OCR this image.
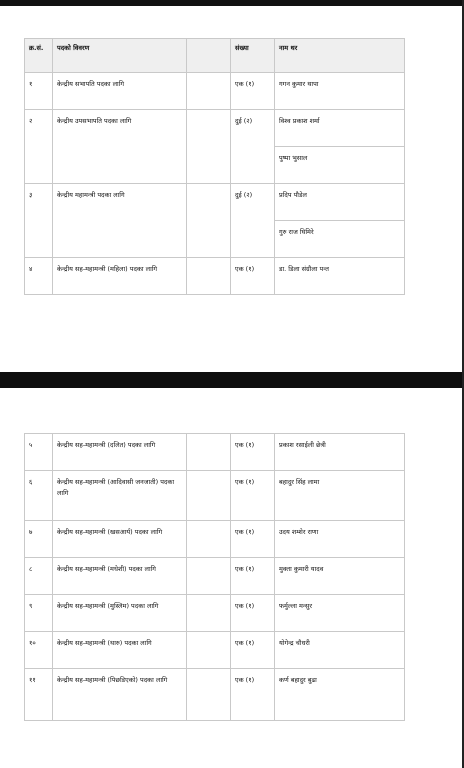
क्र.सं.	पदको विवरण		संख्या	नाम थर
१	केन्द्रीय सभापति पदका लागि		एक (१)	गगन कुमार थापा
२	केन्द्रीय उपसभापति पदका लागि		दुई (२)	विश्व प्रकाश शर्मा
				पुष्पा भुसाल
३	केन्द्रीय महामन्त्री पदका लागि		दुई (२)	प्रदिप पौडेल
				गुरु राज घिमिरे
४	केन्द्रीय सह-महामन्त्री (महिला) पदका लागि		एक (१)	डा. डिला संग्रौला पन्त
५	केन्द्रीय सह-महामन्त्री (दलित) पदका लागि		एक (१)	प्रकाश रसाईली छेत्री
६	केन्द्रीय सह-महामन्त्री (आदिवासी जनजाती) पदका लागि		एक (१)	बहादुर सिंह लामा
७	केन्द्रीय सह-महामन्त्री (खसआर्य) पदका लागि		एक (१)	उदय शम्शेर राणा
८	केन्द्रीय सह-महामन्त्री (मधेशी) पदका लागि		एक (१)	मुक्ता कुमारी यादव
९	केन्द्रीय सह-महामन्त्री (मुस्लिम) पदका लागि		एक (१)	फर्मुल्ला मन्सुर
१०	केन्द्रीय सह-महामन्त्री (थारु) पदका लागि		एक (१)	योगेन्द्र चौधरी
११	केन्द्रीय सह-महामन्त्री (पिछडिएको) पदका लागि		एक (१)	कर्ण बहादुर बुढा
